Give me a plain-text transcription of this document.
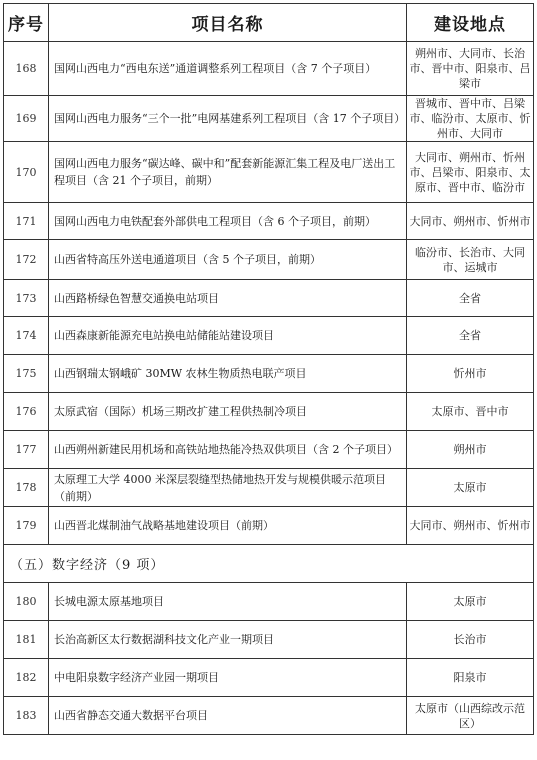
序号	项目名称	建设地点
168	国网山西电力“西电东送”通道调整系列工程项目（含 7 个子项目）	朔州市、大同市、长治市、晋中市、阳泉市、吕梁市
169	国网山西电力服务“三个一批”电网基建系列工程项目（含 17 个子项目）	晋城市、晋中市、吕梁市、临汾市、太原市、忻州市、大同市
170	国网山西电力服务“碳达峰、碳中和”配套新能源汇集工程及电厂送出工程项目（含 21 个子项目，前期）	大同市、朔州市、忻州市、吕梁市、阳泉市、太原市、晋中市、临汾市
171	国网山西电力电铁配套外部供电工程项目（含 6 个子项目，前期）	大同市、朔州市、忻州市
172	山西省特高压外送电通道项目（含 5 个子项目，前期）	临汾市、长治市、大同市、运城市
173	山西路桥绿色智慧交通换电站项目	全省
174	山西森康新能源充电站换电站储能站建设项目	全省
175	山西钢瑞太钢峨矿 30MW 农林生物质热电联产项目	忻州市
176	太原武宿（国际）机场三期改扩建工程供热制冷项目	太原市、晋中市
177	山西朔州新建民用机场和高铁站地热能冷热双供项目（含 2 个子项目）	朔州市
178	太原理工大学 4000 米深层裂缝型热储地热开发与规模供暖示范项目（前期）	太原市
179	山西晋北煤制油气战略基地建设项目（前期）	大同市、朔州市、忻州市
（五）数字经济（9 项）		
180	长城电源太原基地项目	太原市
181	长治高新区太行数据湖科技文化产业一期项目	长治市
182	中电阳泉数字经济产业园一期项目	阳泉市
183	山西省静态交通大数据平台项目	太原市（山西综改示范区）
